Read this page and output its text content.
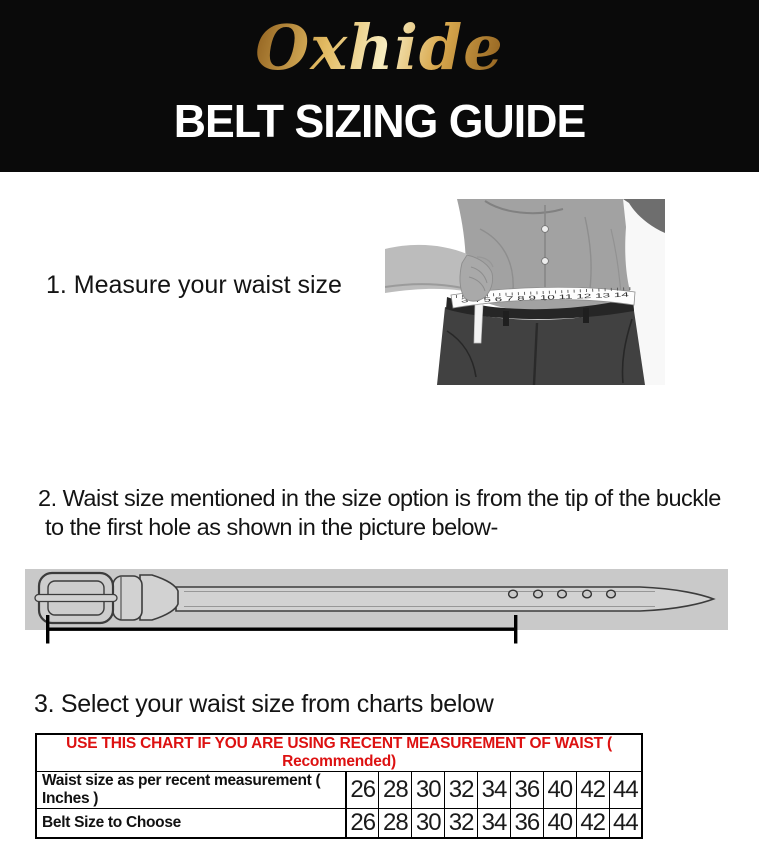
Oxhide
BELT SIZING GUIDE
1. Measure your waist size
3 4 5 6 7 8 9 10 11 12 13 14
2. Waist size mentioned in the size option is from the tip of the buckle
to the first hole as shown in the picture below-
3. Select your waist size from charts below
USE THIS CHART IF YOU ARE USING RECENT MEASUREMENT OF WAIST ( Recommended)									
Waist size as per recent measurement ( Inches )	26	28	30	32	34	36	40	42	44
Belt Size to Choose	26	28	30	32	34	36	40	42	44
